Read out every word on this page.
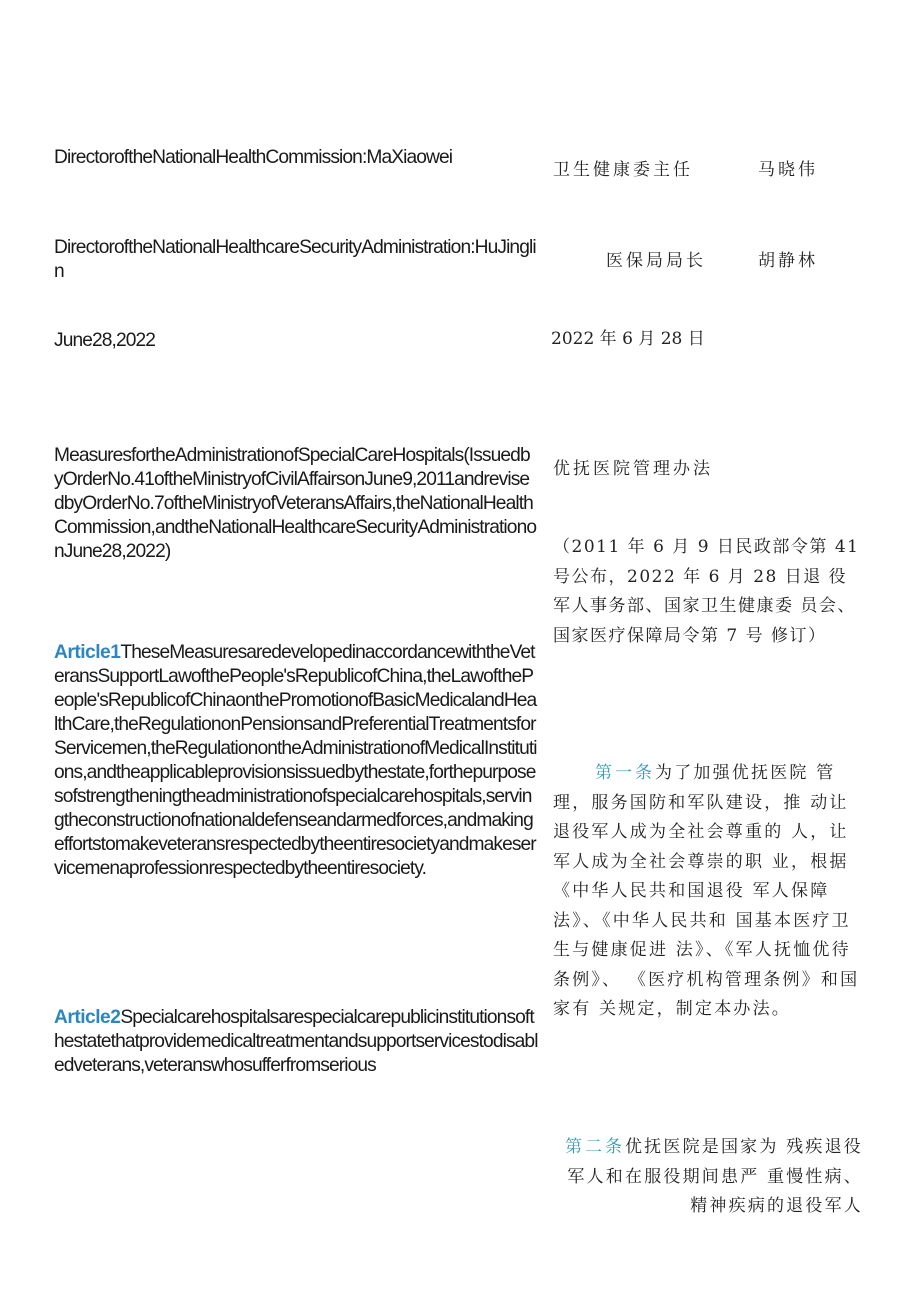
DirectoroftheNationalHealthCommission:MaXiaowei
卫生健康委主任	马晓伟
DirectoroftheNationalHealthcareSecurityAdministration:HuJinglin	医保局局长	胡静林
June28,2022	2022 年 6 月 28 日
MeasuresfortheAdministrationofSpecialCareHospitals(IssuedbyOrderNo.41oftheMinistryofCivilAffairsonJune9,2011andrevisedbyOrderNo.7oftheMinistryofVeteransAffairs,theNationalHealthCommission,andtheNationalHealthcareSecurityAdministrationonJune28,2022)
优抚医院管理办法
（2011 年 6 月 9 日民政部令第 41 号公布，2022 年 6 月 28 日退 役军人事务部、国家卫生健康委 员会、国家医疗保障局令第 7 号 修订）
Article1TheseMeasuresaredevelopedinaccordancewiththeVeteransSupportLawofthePeople'sRepublicofChina,theLawofthePeople'sRepublicofChinaonthePromotionofBasicMedicalandHealthCare,theRegulationonPensionsandPreferentialTreatmentsforServicemen,theRegulationontheAdministrationofMedicalInstitutions,andtheapplicableprovisionsissuedbythestate,forthepurposesofstrengtheningtheadministrationofspecialcarehospitals,servingtheconstructionofnationaldefenseandarmedforces,andmakingeffortstomakeveteransrespectedbytheentiresocietyandmakeservicemenaprofessionrespectedbytheentiresociety.
第一条为了加强优抚医院 管理，服务国防和军队建设，推 动让退役军人成为全社会尊重的 人，让军人成为全社会尊崇的职 业，根据《中华人民共和国退役 军人保障法》、《中华人民共和 国基本医疗卫生与健康促进 法》、《军人抚恤优待条例》、 《医疗机构管理条例》和国家有 关规定，制定本办法。
Article2Specialcarehospitalsarespecialcarepublicinstitutionsofthestatethatprovidemedicaltreatmentandsupportservicestodisabledveterans,veteranswhosufferfromserious
第二条优抚医院是国家为 残疾退役军人和在服役期间患严 重慢性病、精神疾病的退役军人
